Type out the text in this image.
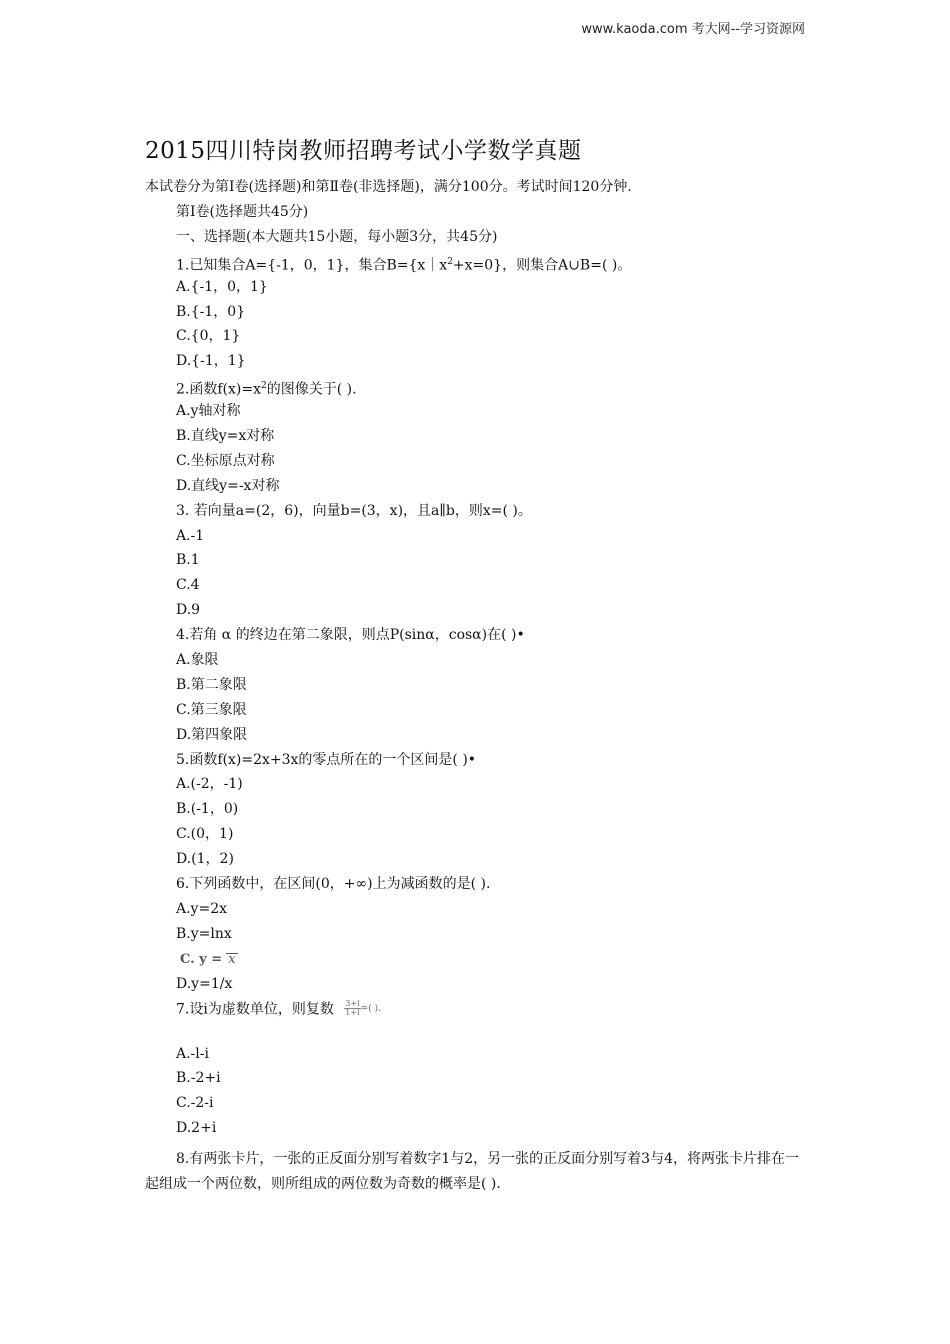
www.kaoda.com 考大网--学习资源网
2015四川特岗教师招聘考试小学数学真题
本试卷分为第Ⅰ卷(选择题)和第Ⅱ卷(非选择题)，满分100分。考试时间120分钟.
第Ⅰ卷(选择题共45分)
一、选择题(本大题共15小题，每小题3分，共45分)
1.已知集合A={-1，0，1}，集合$B=\{x|x^2+x=0\}$，则集合A∪B=( )。
A.{-1，0，1}
B.{-1，0}
C.{0，1}
D.{-1，1}
2.函数$f(x)=x^2$的图像关于( ).
A.y轴对称
B.直线y=x对称
C.坐标原点对称
D.直线y=-x对称
3. 若向量a=(2，6)，向量b=(3，x)，且a∥b，则x=( )。
A.-1
B.1
C.4
D.9
4.若角 α 的终边在第二象限，则点P(sinα，cosα)在( )•
A.象限
B.第二象限
C.第三象限
D.第四象限
5.函数f(x)=2x+3x的零点所在的一个区间是( )•
A.(-2，-1)
B.(-1，0)
C.(0，1)
D.(1，2)
6.下列函数中，在区间(0，+∞)上为减函数的是( ).
A.y=2x
B.y=lnx
C. y = x
D.y=1/x
7.设i为虚数单位，则复数 $\frac{3+i}{1+i}$ =( ).
A.-l-i
B.-2+i
C.-2-i
D.2+i
8.有两张卡片，一张的正反面分别写着数字1与2，另一张的正反面分别写着3与4，将两张卡片排在一起组成一个两位数，则所组成的两位数为奇数的概率是( ).
